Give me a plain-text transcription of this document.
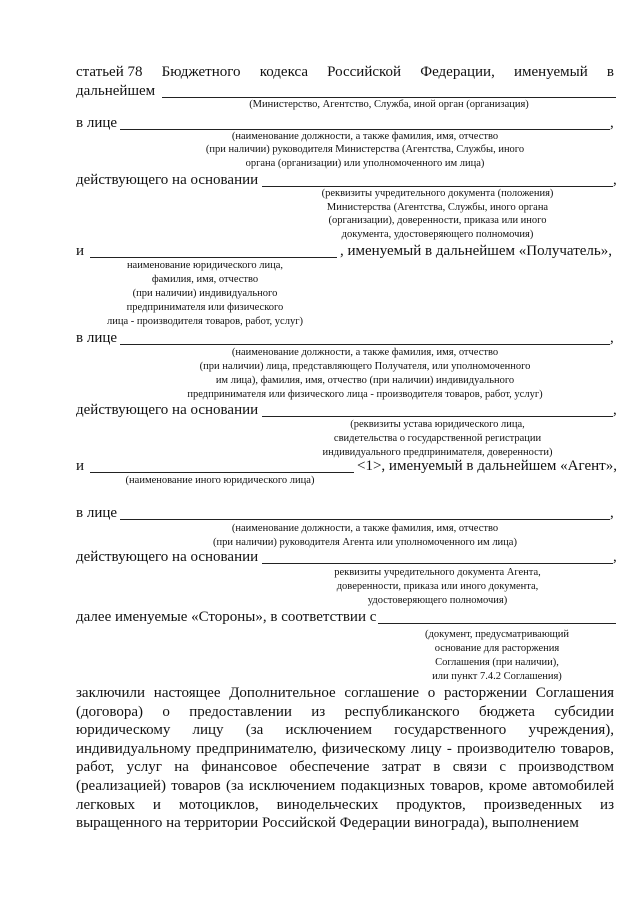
статьей 78 Бюджетного кодекса Российской Федерации, именуемый в
дальнейшем
(Министерство, Агентство, Служба, иной орган (организация)
в лице	,
(наименование должности, а также фамилия, имя, отчество
(при наличии) руководителя Министерства (Агентства, Службы, иного
органа (организации) или уполномоченного им лица)
действующего на основании	,
(реквизиты учредительного документа (положения)
Министерства (Агентства, Службы, иного органа
(организации), доверенности, приказа или иного
документа, удостоверяющего полномочия)
и	, именуемый в дальнейшем «Получатель»,
наименование юридического лица,
фамилия, имя, отчество
(при наличии) индивидуального
предпринимателя или физического
лица - производителя товаров, работ, услуг)
в лице	,
(наименование должности, а также фамилия, имя, отчество
(при наличии) лица, представляющего Получателя, или уполномоченного
им лица), фамилия, имя, отчество (при наличии) индивидуального
предпринимателя или физического лица - производителя товаров, работ, услуг)
действующего на основании	,
(реквизиты устава юридического лица,
свидетельства о государственной регистрации
индивидуального предпринимателя, доверенности)
и	<1>, именуемый в дальнейшем «Агент»,
(наименование иного юридического лица)
в лице	,
(наименование должности, а также фамилия, имя, отчество
(при наличии) руководителя Агента или уполномоченного им лица)
действующего на основании	,
реквизиты учредительного документа Агента,
доверенности, приказа или иного документа,
удостоверяющего полномочия)
далее именуемые «Стороны», в соответствии с
(документ, предусматривающий
основание для расторжения
Соглашения (при наличии),
или пункт 7.4.2 Соглашения)
заключили настоящее Дополнительное соглашение о расторжении Соглашения (договора) о предоставлении из республиканского бюджета субсидии юридическому лицу (за исключением государственного учреждения), индивидуальному предпринимателю, физическому лицу - производителю товаров, работ, услуг на финансовое обеспечение затрат в связи с производством (реализацией) товаров (за исключением подакцизных товаров, кроме автомобилей легковых и мотоциклов, винодельческих продуктов, произведенных из выращенного на территории Российской Федерации винограда), выполнением
